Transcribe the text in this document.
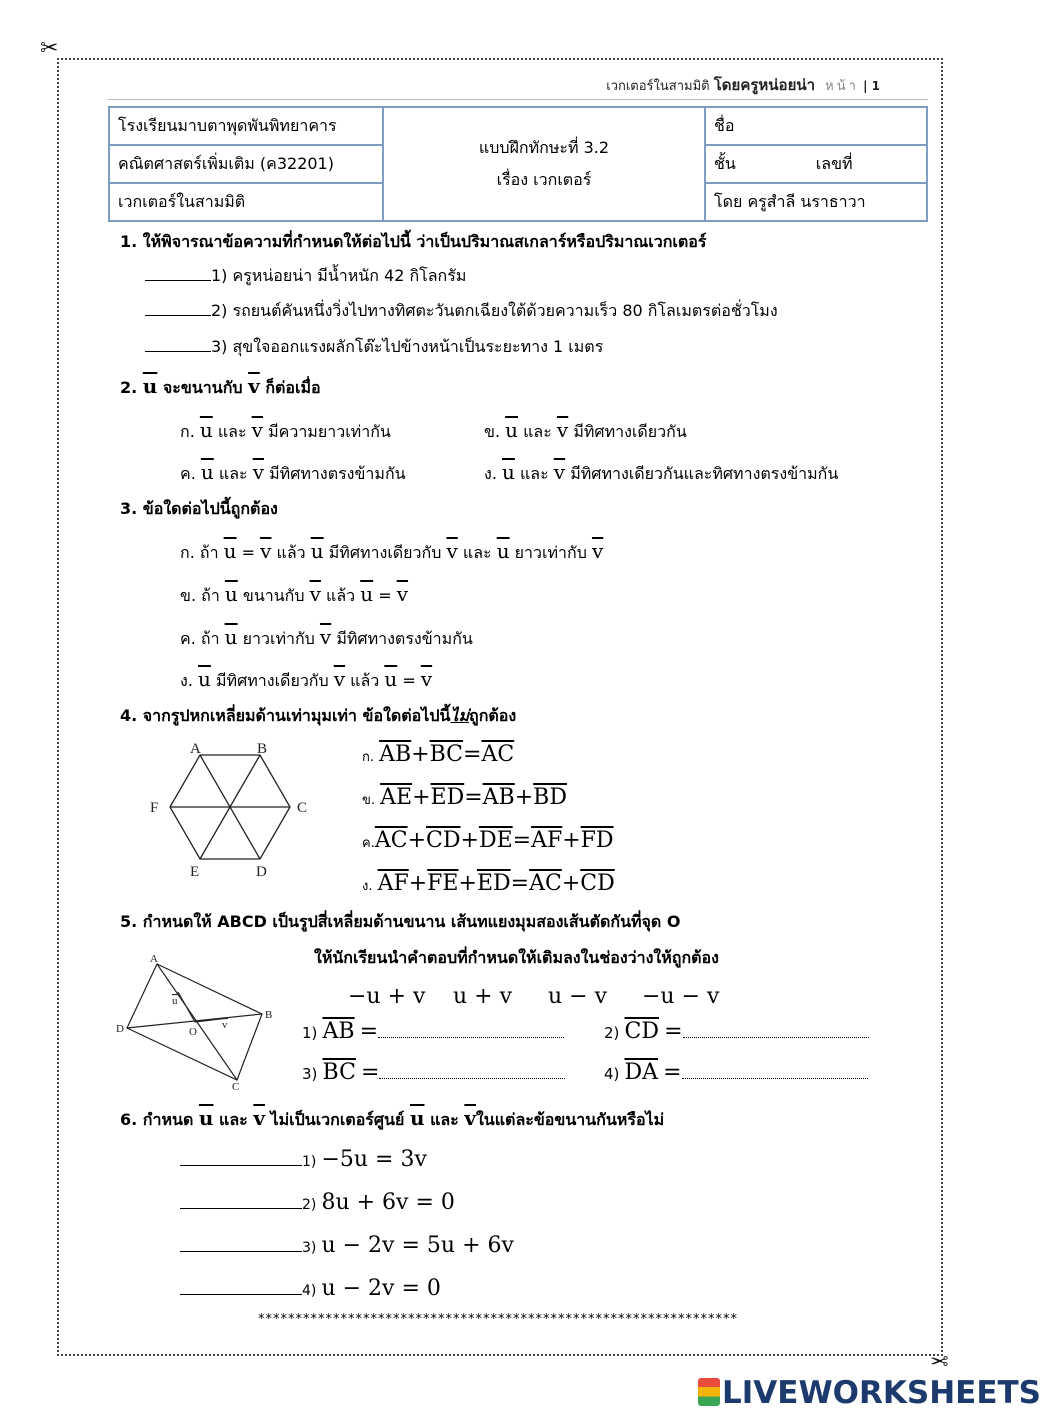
✂
✂
เวกเตอร์ในสามมิติ โดยครูหน่อยน่า หน้า | 1
โรงเรียนมาบตาพุดพันพิทยาคาร	แบบฝึกทักษะที่ 3.2
เรื่อง เวกเตอร์	ชื่อ
คณิตศาสตร์เพิ่มเติม (ค32201)		ชั้น เลขที่
เวกเตอร์ในสามมิติ		โดย ครูสำลี นราธาวา
1. ให้พิจารณาข้อความที่กำหนดให้ต่อไปนี้ ว่าเป็นปริมาณสเกลาร์หรือปริมาณเวกเตอร์
1) ครูหน่อยน่า มีน้ำหนัก 42 กิโลกรัม
2) รถยนต์คันหนึ่งวิ่งไปทางทิศตะวันตกเฉียงใต้ด้วยความเร็ว 80 กิโลเมตรต่อชั่วโมง
3) สุขใจออกแรงผลักโต๊ะไปข้างหน้าเป็นระยะทาง 1 เมตร
2. $\overline{u}$ จะขนานกับ $\overline{v}$ ก็ต่อเมื่อ
ก. $\overline{u}$ และ $\overline{v}$ มีความยาวเท่ากัน	ข. $\overline{u}$ และ $\overline{v}$ มีทิศทางเดียวกัน
ค. $\overline{u}$ และ $\overline{v}$ มีทิศทางตรงข้ามกัน	ง. $\overline{u}$ และ $\overline{v}$ มีทิศทางเดียวกันและทิศทางตรงข้ามกัน
3. ข้อใดต่อไปนี้ถูกต้อง
ก. ถ้า $\overline{u} = \overline{v}$ แล้ว $\overline{u}$ มีทิศทางเดียวกับ $\overline{v}$ และ $\overline{u}$ ยาวเท่ากับ $\overline{v}$
ข. ถ้า $\overline{u}$ ขนานกับ $\overline{v}$ แล้ว $\overline{u} = \overline{v}$
ค. ถ้า $\overline{u}$ ยาวเท่ากับ $\overline{v}$ มีทิศทางตรงข้ามกัน
ง. $\overline{u}$ มีทิศทางเดียวกับ $\overline{v}$ แล้ว $\overline{u} = \overline{v}$
4. จากรูปหกเหลี่ยมด้านเท่ามุมเท่า ข้อใดต่อไปนี้ไม่ถูกต้อง
A	B
C
D
E
F
ก. $\overline{AB}+\overline{BC}=\overline{AC}$
ข. $\overline{AE}+\overline{ED}=\overline{AB}+\overline{BD}$
ค$.\overline{AC}+\overline{CD}+\overline{DE}=\overline{AF}+\overline{FD}$
ง. $\overline{AF}+\overline{FE}+\overline{ED}=\overline{AC}+\overline{CD}$
5. กำหนดให้ ABCD เป็นรูปสี่เหลี่ยมด้านขนาน เส้นทแยงมุมสองเส้นตัดกันที่จุด O
ให้นักเรียนนำคำตอบที่กำหนดให้เติมลงในช่องว่างให้ถูกต้อง
A
B
C
D	O
u
v
−u + v u + v u − v −u − v
1) $\overline{AB}$ =	2) $\overline{CD}$ =
3) $\overline{BC}$ =	4) $\overline{DA}$ =
6. กำหนด $\overline{u}$ และ $\overline{v}$ ไม่เป็นเวกเตอร์ศูนย์ $\overline{u}$ และ $\overline{v}$ในแต่ละข้อขนานกันหรือไม่
1) −5u = 3v
2) 8u + 6v = 0
3) u − 2v = 5u + 6v
4) u − 2v = 0
****************************************************************
LIVEWORKSHEETS
